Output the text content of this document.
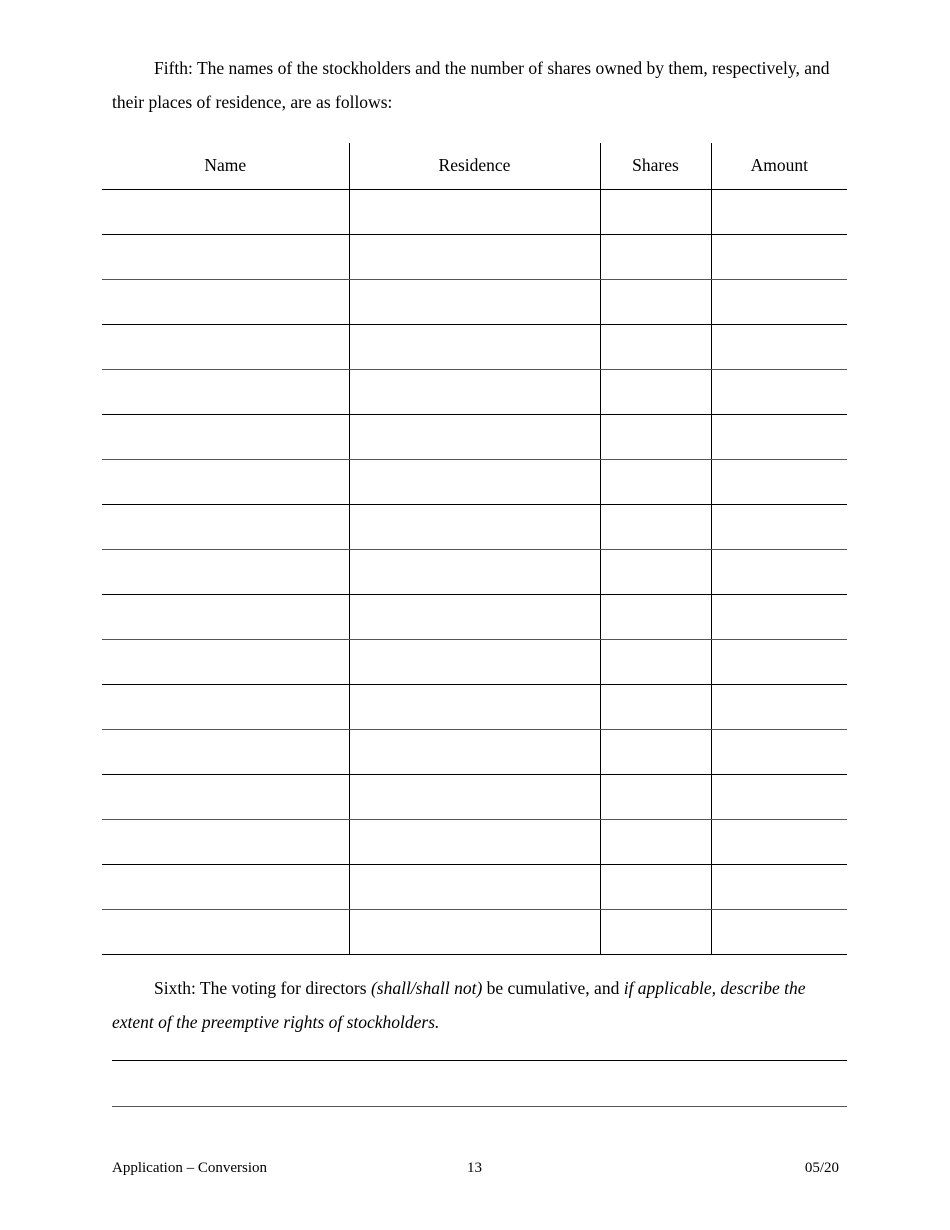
Fifth: The names of the stockholders and the number of shares owned by them, respectively, and their places of residence, are as follows:
Name	Residence	Shares	Amount

Sixth: The voting for directors (shall/shall not) be cumulative, and if applicable, describe the extent of the preemptive rights of stockholders.
Application – Conversion	13	05/20
